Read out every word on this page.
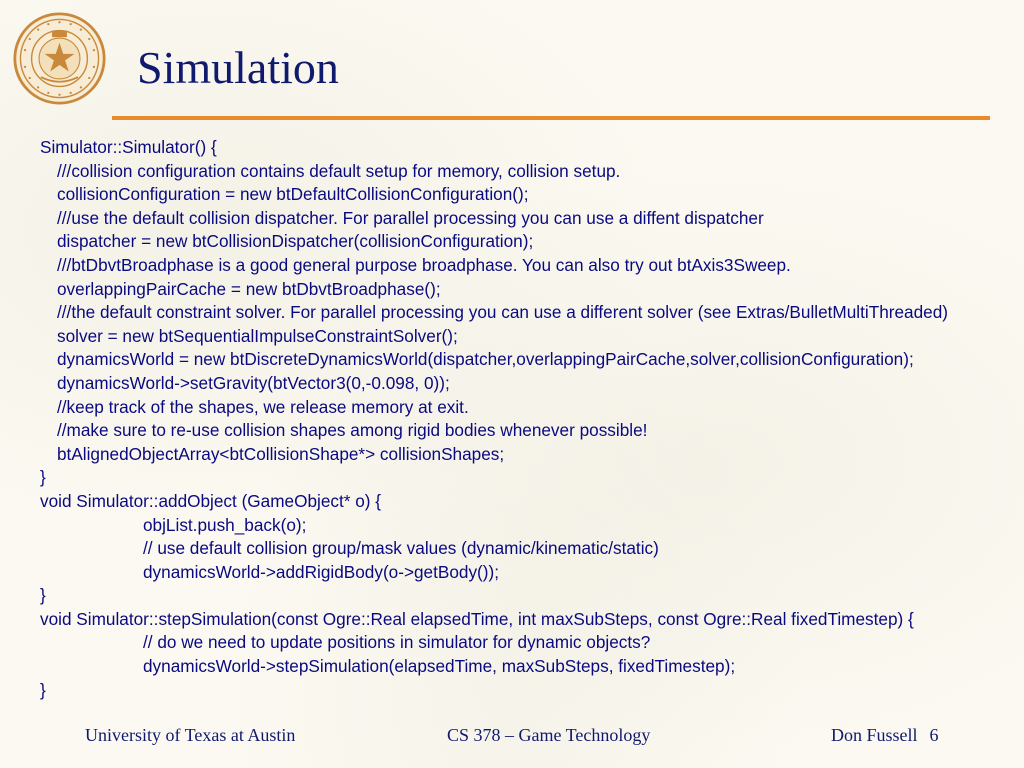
Simulation
Simulator::Simulator() {
///collision configuration contains default setup for memory, collision setup.
collisionConfiguration = new btDefaultCollisionConfiguration();
///use the default collision dispatcher. For parallel processing you can use a diffent dispatcher
dispatcher = new btCollisionDispatcher(collisionConfiguration);
///btDbvtBroadphase is a good general purpose broadphase. You can also try out btAxis3Sweep.
overlappingPairCache = new btDbvtBroadphase();
///the default constraint solver. For parallel processing you can use a different solver (see Extras/BulletMultiThreaded)
solver = new btSequentialImpulseConstraintSolver();
dynamicsWorld = new btDiscreteDynamicsWorld(dispatcher,overlappingPairCache,solver,collisionConfiguration);
dynamicsWorld->setGravity(btVector3(0,-0.098, 0));
//keep track of the shapes, we release memory at exit.
//make sure to re-use collision shapes among rigid bodies whenever possible!
btAlignedObjectArray<btCollisionShape*> collisionShapes;
}
void Simulator::addObject (GameObject* o) {
objList.push_back(o);
// use default collision group/mask values (dynamic/kinematic/static)
dynamicsWorld->addRigidBody(o->getBody());
}
void Simulator::stepSimulation(const Ogre::Real elapsedTime, int maxSubSteps, const Ogre::Real fixedTimestep) {
// do we need to update positions in simulator for dynamic objects?
dynamicsWorld->stepSimulation(elapsedTime, maxSubSteps, fixedTimestep);
}
University of Texas at Austin	CS 378 – Game Technology	Don Fussell 6
